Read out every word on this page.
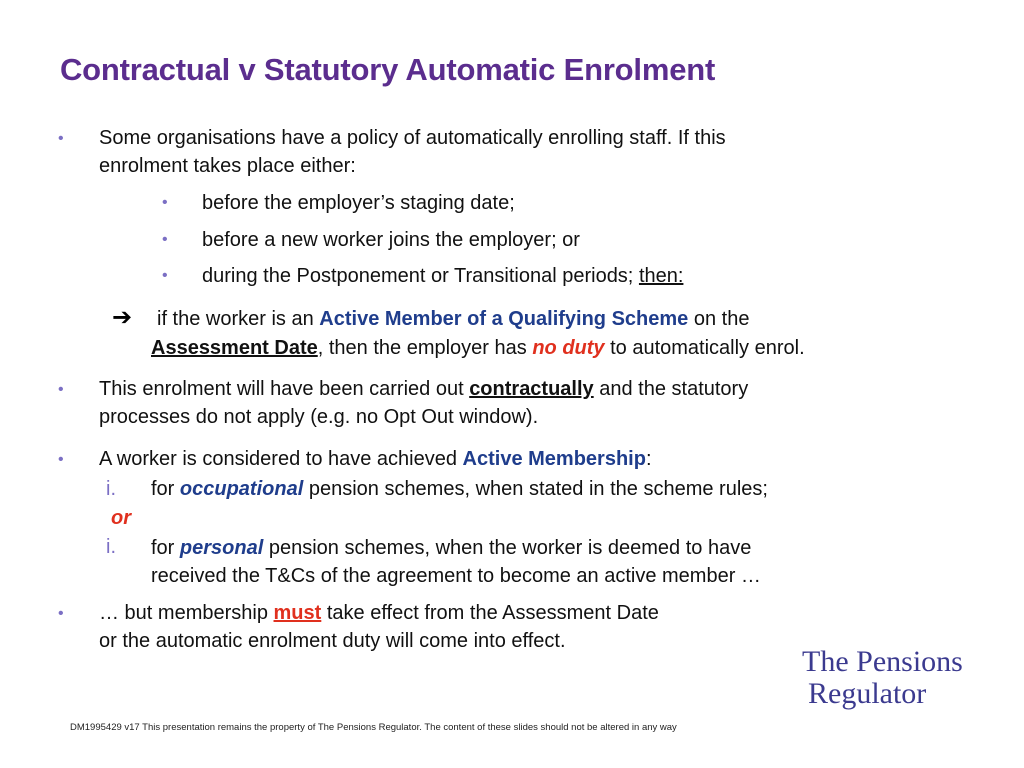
Contractual v Statutory Automatic Enrolment
• Some organisations have a policy of automatically enrolling staff. If this
enrolment takes place either:
• before the employer’s staging date;
• before a new worker joins the employer; or
• during the Postponement or Transitional periods; then:
➔ if the worker is an Active Member of a Qualifying Scheme on the
Assessment Date, then the employer has no duty to automatically enrol.
• This enrolment will have been carried out contractually and the statutory
processes do not apply (e.g. no Opt Out window).
• A worker is considered to have achieved Active Membership:
i. for occupational pension schemes, when stated in the scheme rules;
or
i. for personal pension schemes, when the worker is deemed to have
received the T&Cs of the agreement to become an active member …
• … but membership must take effect from the Assessment Date
or the automatic enrolment duty will come into effect.
The Pensions
Regulator
DM1995429 v17 This presentation remains the property of The Pensions Regulator. The content of these slides should not be altered in any way
